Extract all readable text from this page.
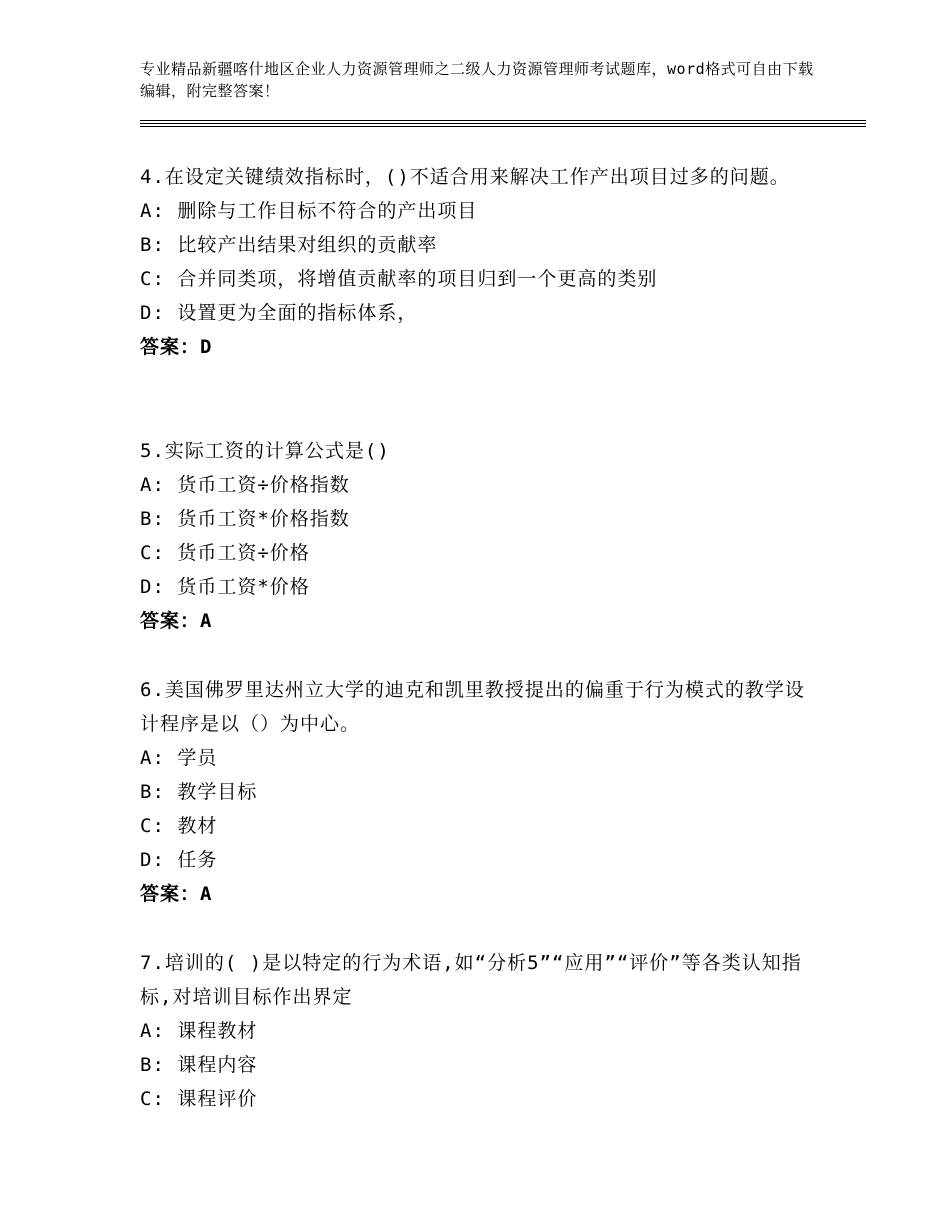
专业精品新疆喀什地区企业人力资源管理师之二级人力资源管理师考试题库，word格式可自由下载编辑，附完整答案！
4.在设定关键绩效指标时，()不适合用来解决工作产出项目过多的问题。
A: 删除与工作目标不符合的产出项目
B: 比较产出结果对组织的贡献率
C: 合并同类项，将增值贡献率的项目归到一个更高的类别
D: 设置更为全面的指标体系，
答案：D
5.实际工资的计算公式是()
A: 货币工资÷价格指数
B: 货币工资*价格指数
C: 货币工资÷价格
D: 货币工资*价格
答案：A
6.美国佛罗里达州立大学的迪克和凯里教授提出的偏重于行为模式的教学设计程序是以（）为中心。
A: 学员
B: 教学目标
C: 教材
D: 任务
答案：A
7.培训的( )是以特定的行为术语,如“分析5”“应用”“评价”等各类认知指标,对培训目标作出界定
A: 课程教材
B: 课程内容
C: 课程评价
